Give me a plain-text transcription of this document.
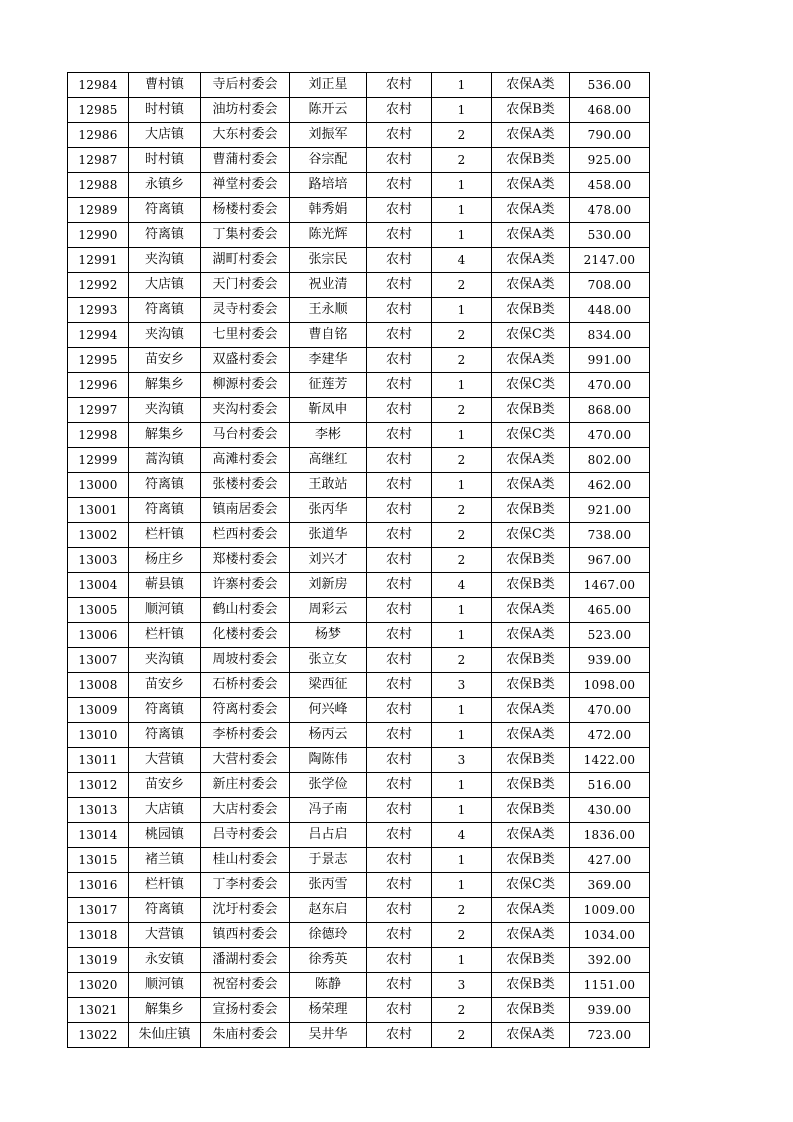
12984	曹村镇	寺后村委会	刘正星	农村	1	农保A类	536.00
12985	时村镇	油坊村委会	陈开云	农村	1	农保B类	468.00
12986	大店镇	大东村委会	刘振军	农村	2	农保A类	790.00
12987	时村镇	曹蒲村委会	谷宗配	农村	2	农保B类	925.00
12988	永镇乡	禅堂村委会	路培培	农村	1	农保A类	458.00
12989	符离镇	杨楼村委会	韩秀娟	农村	1	农保A类	478.00
12990	符离镇	丁集村委会	陈光辉	农村	1	农保A类	530.00
12991	夹沟镇	湖町村委会	张宗民	农村	4	农保A类	2147.00
12992	大店镇	天门村委会	祝业清	农村	2	农保A类	708.00
12993	符离镇	灵寺村委会	王永顺	农村	1	农保B类	448.00
12994	夹沟镇	七里村委会	曹自铭	农村	2	农保C类	834.00
12995	苗安乡	双盛村委会	李建华	农村	2	农保A类	991.00
12996	解集乡	柳源村委会	征莲芳	农村	1	农保C类	470.00
12997	夹沟镇	夹沟村委会	靳凤申	农村	2	农保B类	868.00
12998	解集乡	马台村委会	李彬	农村	1	农保C类	470.00
12999	蒿沟镇	高滩村委会	高继红	农村	2	农保A类	802.00
13000	符离镇	张楼村委会	王敢站	农村	1	农保A类	462.00
13001	符离镇	镇南居委会	张丙华	农村	2	农保B类	921.00
13002	栏杆镇	栏西村委会	张道华	农村	2	农保C类	738.00
13003	杨庄乡	郑楼村委会	刘兴才	农村	2	农保B类	967.00
13004	蕲县镇	许寨村委会	刘新房	农村	4	农保B类	1467.00
13005	顺河镇	鹤山村委会	周彩云	农村	1	农保A类	465.00
13006	栏杆镇	化楼村委会	杨梦	农村	1	农保A类	523.00
13007	夹沟镇	周坡村委会	张立女	农村	2	农保B类	939.00
13008	苗安乡	石桥村委会	梁西征	农村	3	农保B类	1098.00
13009	符离镇	符离村委会	何兴峰	农村	1	农保A类	470.00
13010	符离镇	李桥村委会	杨丙云	农村	1	农保A类	472.00
13011	大营镇	大营村委会	陶陈伟	农村	3	农保B类	1422.00
13012	苗安乡	新庄村委会	张学俭	农村	1	农保B类	516.00
13013	大店镇	大店村委会	冯子南	农村	1	农保B类	430.00
13014	桃园镇	吕寺村委会	吕占启	农村	4	农保A类	1836.00
13015	褚兰镇	桂山村委会	于景志	农村	1	农保B类	427.00
13016	栏杆镇	丁李村委会	张丙雪	农村	1	农保C类	369.00
13017	符离镇	沈圩村委会	赵东启	农村	2	农保A类	1009.00
13018	大营镇	镇西村委会	徐德玲	农村	2	农保A类	1034.00
13019	永安镇	潘湖村委会	徐秀英	农村	1	农保B类	392.00
13020	顺河镇	祝窑村委会	陈静	农村	3	农保B类	1151.00
13021	解集乡	宣扬村委会	杨荣理	农村	2	农保B类	939.00
13022	朱仙庄镇	朱庙村委会	吴井华	农村	2	农保A类	723.00
